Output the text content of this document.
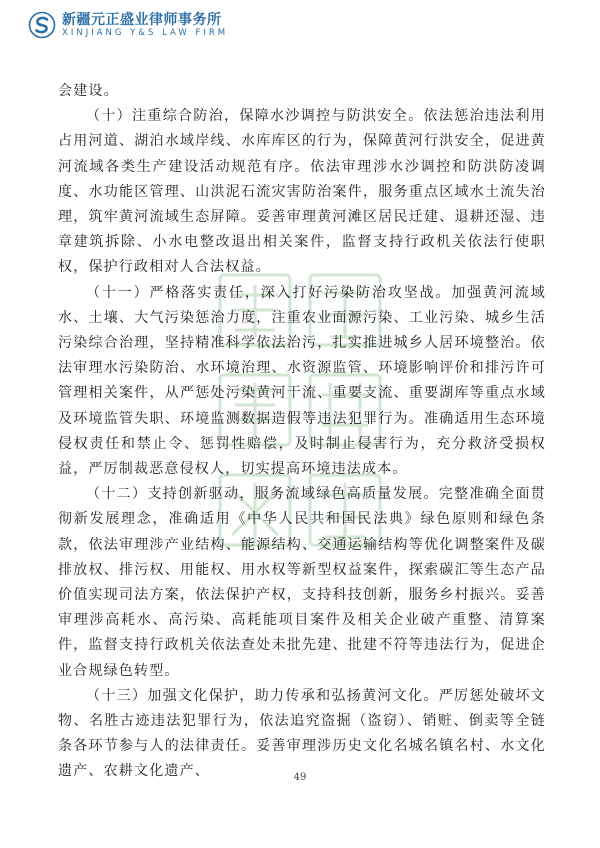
新疆元正盛业律师事务所
XINJIANG Y&S LAW FIRM

会建设。

（十）注重综合防治，保障水沙调控与防洪安全。依法惩治违法利用占用河道、湖泊水域岸线、水库库区的行为，保障黄河行洪安全，促进黄河流域各类生产建设活动规范有序。依法审理涉水沙调控和防洪防凌调度、水功能区管理、山洪泥石流灾害防治案件，服务重点区域水土流失治理，筑牢黄河流域生态屏障。妥善审理黄河滩区居民迁建、退耕还湿、违章建筑拆除、小水电整改退出相关案件，监督支持行政机关依法行使职权，保护行政相对人合法权益。

（十一）严格落实责任，深入打好污染防治攻坚战。加强黄河流域水、土壤、大气污染惩治力度，注重农业面源污染、工业污染、城乡生活污染综合治理，坚持精准科学依法治污，扎实推进城乡人居环境整治。依法审理水污染防治、水环境治理、水资源监管、环境影响评价和排污许可管理相关案件，从严惩处污染黄河干流、重要支流、重要湖库等重点水域及环境监管失职、环境监测数据造假等违法犯罪行为。准确适用生态环境侵权责任和禁止令、惩罚性赔偿，及时制止侵害行为，充分救济受损权益，严厉制裁恶意侵权人，切实提高环境违法成本。

（十二）支持创新驱动，服务流域绿色高质量发展。完整准确全面贯彻新发展理念，准确适用《中华人民共和国民法典》绿色原则和绿色条款，依法审理涉产业结构、能源结构、交通运输结构等优化调整案件及碳排放权、排污权、用能权、用水权等新型权益案件，探索碳汇等生态产品价值实现司法方案，依法保护产权，支持科技创新，服务乡村振兴。妥善审理涉高耗水、高污染、高耗能项目案件及相关企业破产重整、清算案件，监督支持行政机关依法查处未批先建、批建不符等违法行为，促进企业合规绿色转型。

（十三）加强文化保护，助力传承和弘扬黄河文化。严厉惩处破坏文物、名胜古迹违法犯罪行为，依法追究盗掘（盗窃）、销赃、倒卖等全链条各环节参与人的法律责任。妥善审理涉历史文化名城名镇名村、水文化遗产、农耕文化遗产、	49
